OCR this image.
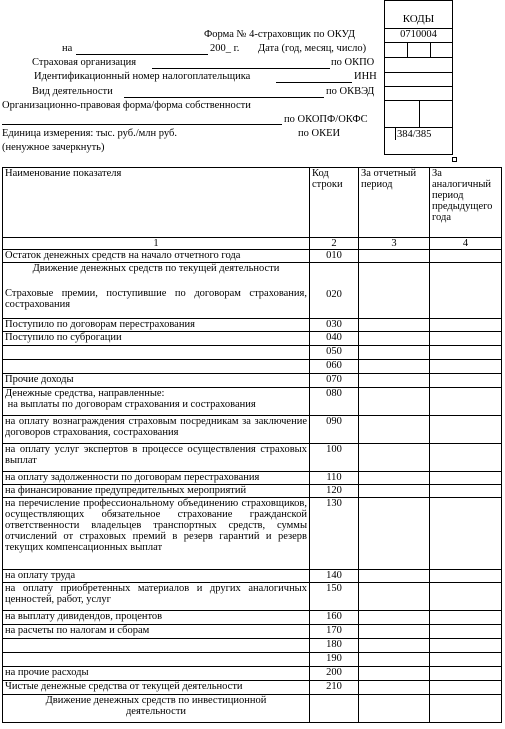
КОДЫ
0710004
384/385
Форма № 4-страховщик по ОКУД
на	200_ г. Дата (год, месяц, число)
Страховая организация	по ОКПО
Идентификационный номер налогоплательщика	ИНН
Вид деятельности	по ОКВЭД
Организационно-правовая форма/форма собственности
по ОКОПФ/ОКФС
Единица измерения: тыс. руб./млн руб.	по ОКЕИ
(ненужное зачеркнуть)
Наименование показателя	Код строки	За отчетный период	За аналогичный период предыдущего года
1	2	3	4
Остаток денежных средств на начало отчетного года	010		

Движение денежных средств по текущей деятельности
Страховые премии, поступившие по договорам страхования, сострахования	020		
Поступило по договорам перестрахования	030		
Поступило по суброгации	040		
	050		
	060		
Прочие доходы	070		

Денежные средства, направленные:
на выплаты по договорам страхования и сострахования	080		
на оплату вознаграждения страховым посредникам за заключение договоров страхования, сострахования	090		
на оплату услуг экспертов в процессе осуществления страховых выплат	100		
на оплату задолженности по договорам перестрахования	110		
на финансирование предупредительных мероприятий	120		
на перечисление профессиональному объединению страховщиков, осуществляющих обязательное страхование гражданской ответственности владельцев транспортных средств, суммы отчислений от страховых премий в резерв гарантий и резерв текущих компенсационных выплат	130		
на оплату труда	140		
на оплату приобретенных материалов и других аналогичных ценностей, работ, услуг	150		
на выплату дивидендов, процентов	160		
на расчеты по налогам и сборам	170		
	180		
	190		
на прочие расходы	200		
Чистые денежные средства от текущей деятельности	210		
Движение денежных средств по инвестиционной деятельности			
